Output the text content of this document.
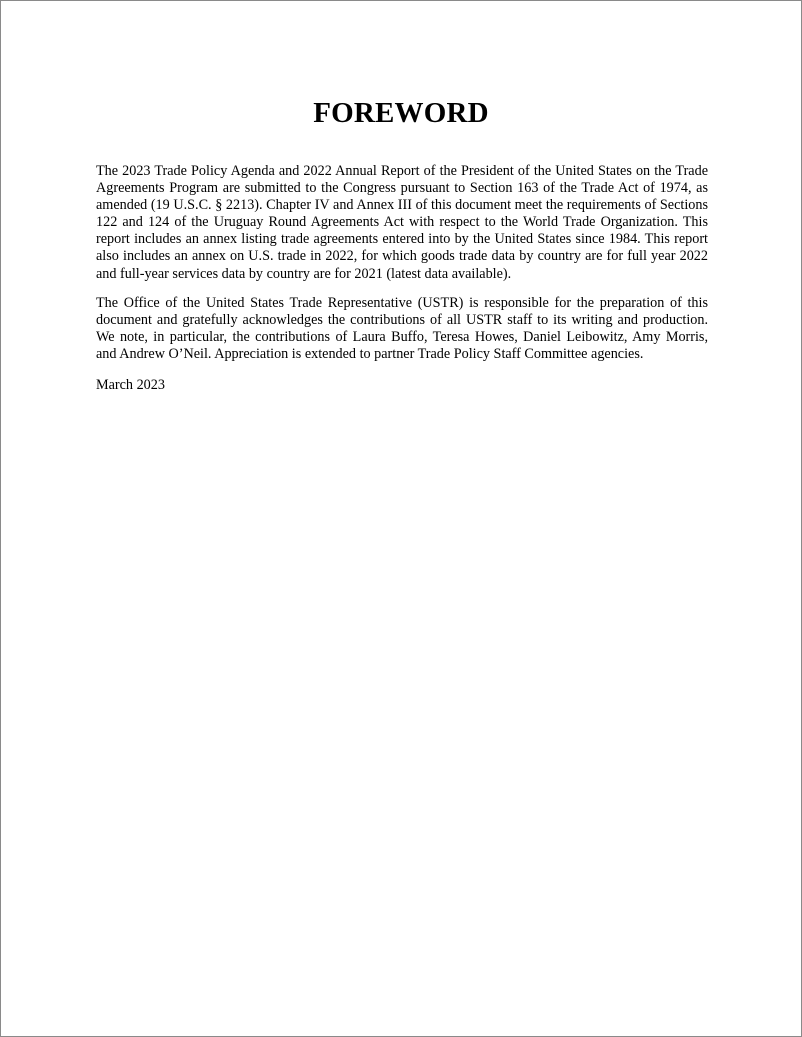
FOREWORD
The 2023 Trade Policy Agenda and 2022 Annual Report of the President of the United States on the Trade
Agreements Program are submitted to the Congress pursuant to Section 163 of the Trade Act of 1974, as
amended (19 U.S.C. § 2213). Chapter IV and Annex III of this document meet the requirements of Sections
122 and 124 of the Uruguay Round Agreements Act with respect to the World Trade Organization. This
report includes an annex listing trade agreements entered into by the United States since 1984. This report
also includes an annex on U.S. trade in 2022, for which goods trade data by country are for full year 2022
and full-year services data by country are for 2021 (latest data available).
The Office of the United States Trade Representative (USTR) is responsible for the preparation of this
document and gratefully acknowledges the contributions of all USTR staff to its writing and production.
We note, in particular, the contributions of Laura Buffo, Teresa Howes, Daniel Leibowitz, Amy Morris,
and Andrew O’Neil. Appreciation is extended to partner Trade Policy Staff Committee agencies.
March 2023
